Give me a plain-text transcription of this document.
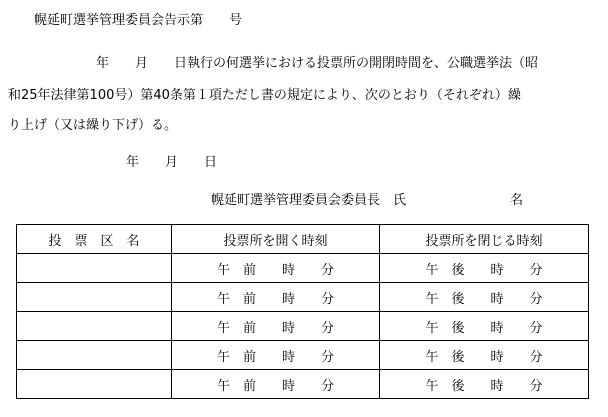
幌延町選挙管理委員会告示第　　号
年　　月　　日執行の何選挙における投票所の開閉時間を、公職選挙法（昭
和25年法律第100号）第40条第１項ただし書の規定により、次のとおり（それぞれ）繰
り上げ（又は繰り下げ）る。
年　　月　　日
幌延町選挙管理委員会委員長　氏　　　　　　　　名
投　票　区　名	投票所を開く時刻	投票所を閉じる時刻
	午　前　　時　　分	午　後　　時　　分
	午　前　　時　　分	午　後　　時　　分
	午　前　　時　　分	午　後　　時　　分
	午　前　　時　　分	午　後　　時　　分
	午　前　　時　　分	午　後　　時　　分
